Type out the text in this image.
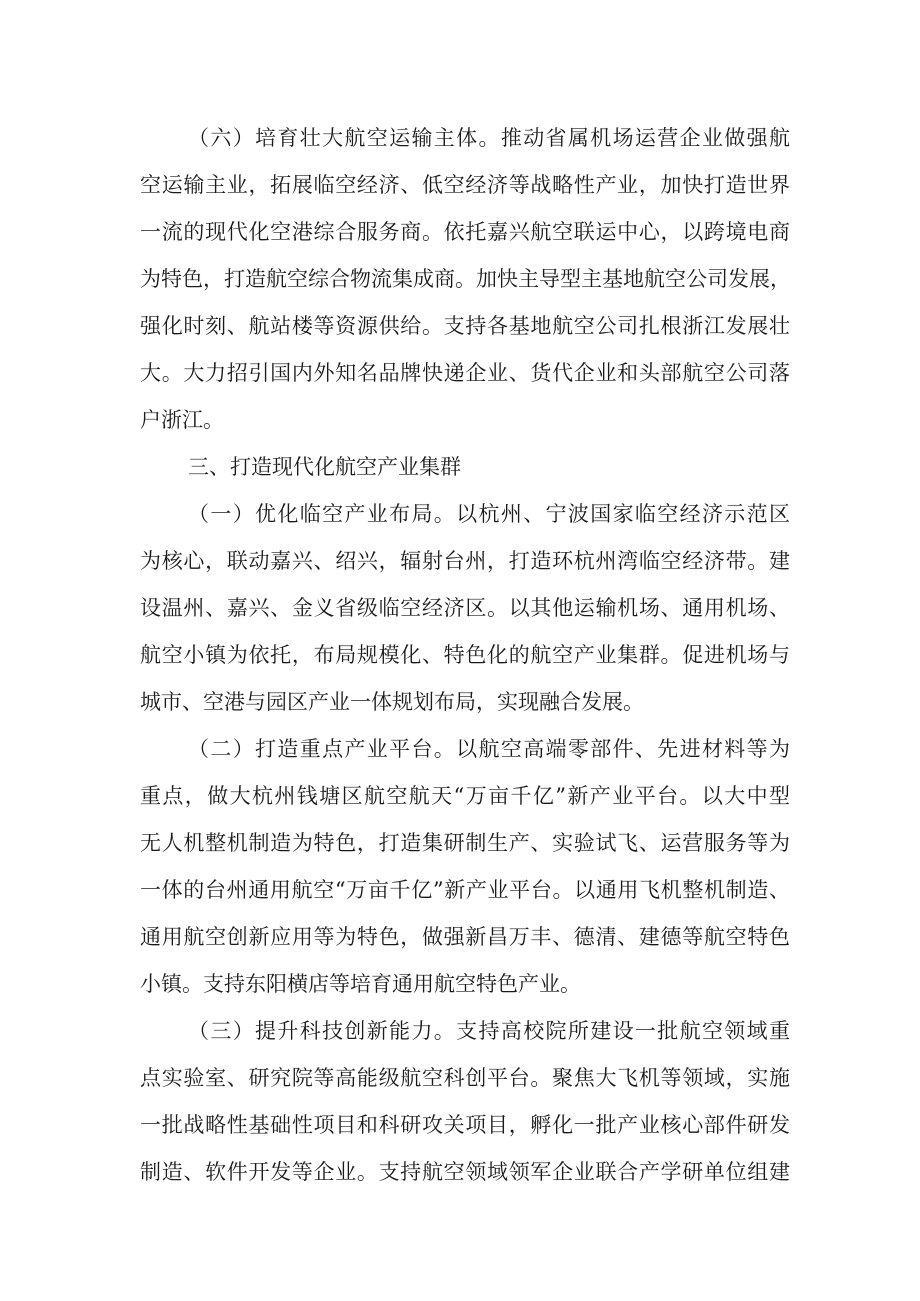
（六）培育壮大航空运输主体。推动省属机场运营企业做强航
空运输主业，拓展临空经济、低空经济等战略性产业，加快打造世界
一流的现代化空港综合服务商。依托嘉兴航空联运中心，以跨境电商
为特色，打造航空综合物流集成商。加快主导型主基地航空公司发展，
强化时刻、航站楼等资源供给。支持各基地航空公司扎根浙江发展壮
大。大力招引国内外知名品牌快递企业、货代企业和头部航空公司落
户浙江。
三、打造现代化航空产业集群
（一）优化临空产业布局。以杭州、宁波国家临空经济示范区
为核心，联动嘉兴、绍兴，辐射台州，打造环杭州湾临空经济带。建
设温州、嘉兴、金义省级临空经济区。以其他运输机场、通用机场、
航空小镇为依托，布局规模化、特色化的航空产业集群。促进机场与
城市、空港与园区产业一体规划布局，实现融合发展。
（二）打造重点产业平台。以航空高端零部件、先进材料等为
重点，做大杭州钱塘区航空航天“万亩千亿”新产业平台。以大中型
无人机整机制造为特色，打造集研制生产、实验试飞、运营服务等为
一体的台州通用航空“万亩千亿”新产业平台。以通用飞机整机制造、
通用航空创新应用等为特色，做强新昌万丰、德清、建德等航空特色
小镇。支持东阳横店等培育通用航空特色产业。
（三）提升科技创新能力。支持高校院所建设一批航空领域重
点实验室、研究院等高能级航空科创平台。聚焦大飞机等领域，实施
一批战略性基础性项目和科研攻关项目，孵化一批产业核心部件研发
制造、软件开发等企业。支持航空领域领军企业联合产学研单位组建
